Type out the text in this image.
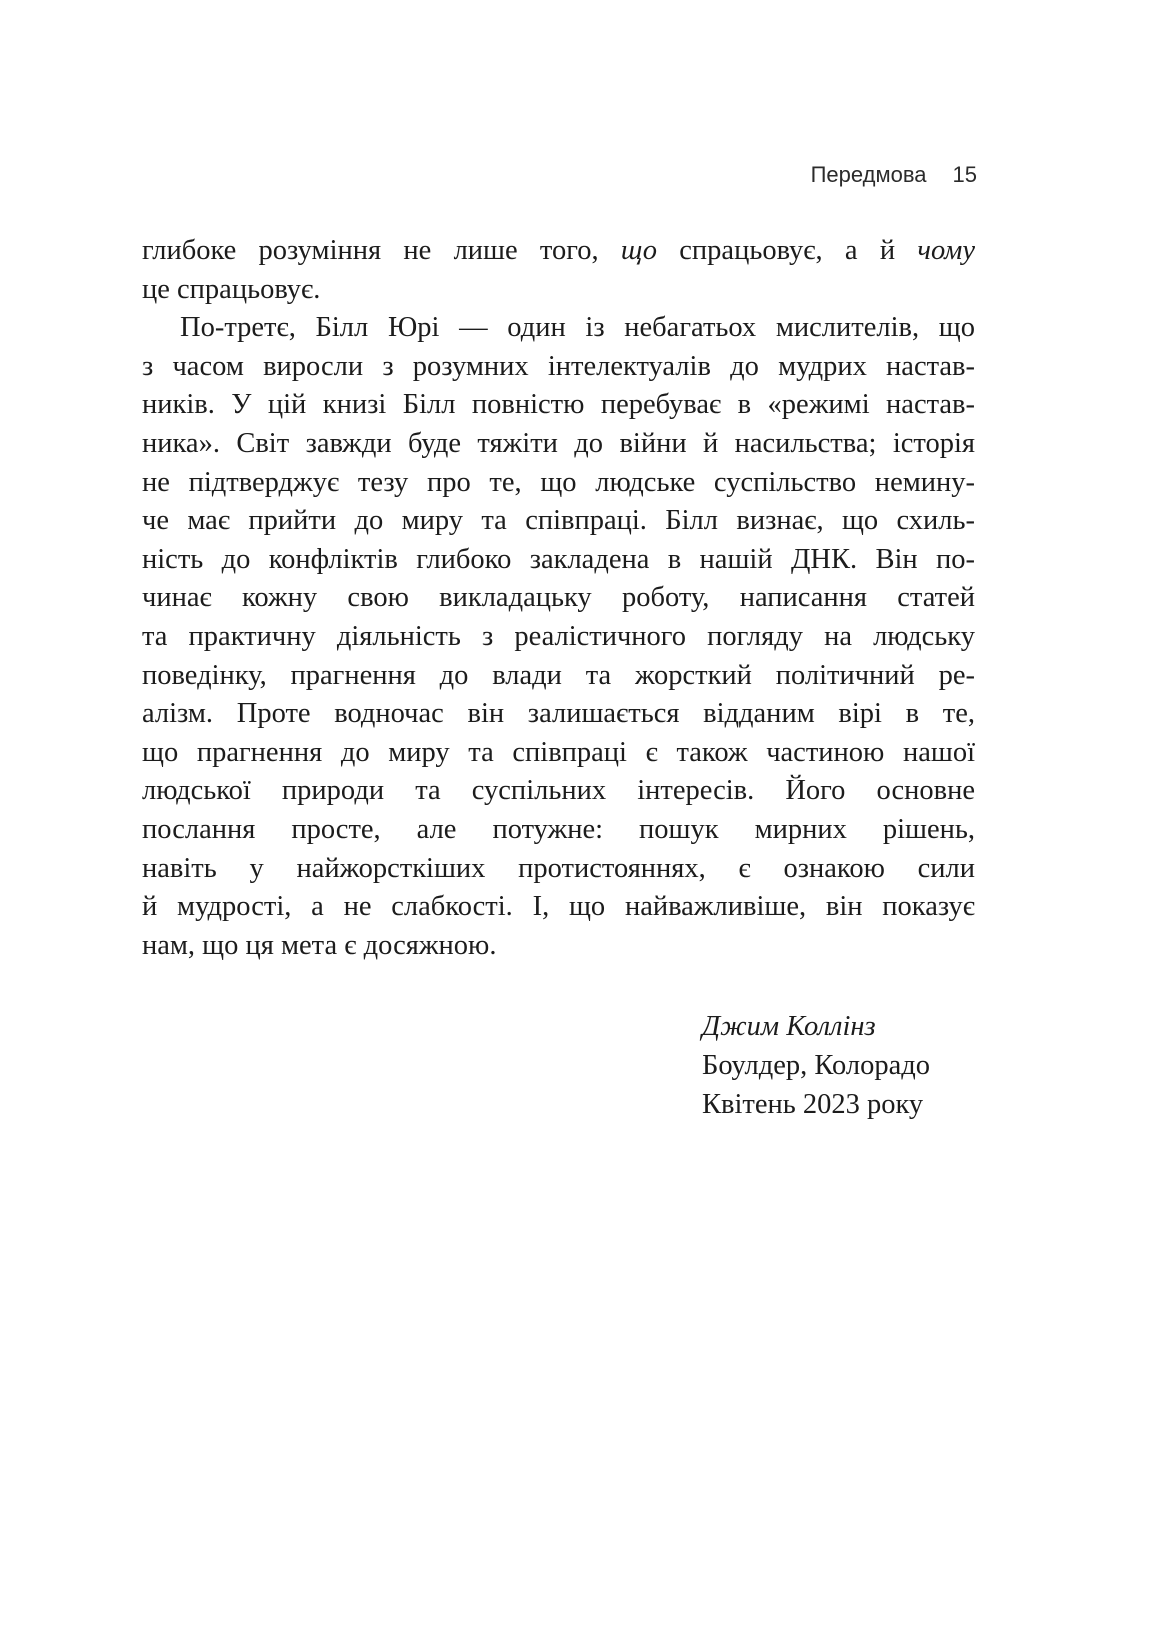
Передмова 15
глибоке розуміння не лише того, що спрацьовує, а й чому
це спрацьовує.
По-третє, Білл Юрі — один із небагатьох мислителів, що
з часом виросли з розумних інтелектуалів до мудрих настав-
ників. У цій книзі Білл повністю перебуває в «режимі настав-
ника». Світ завжди буде тяжіти до війни й насильства; історія
не підтверджує тезу про те, що людське суспільство немину-
че має прийти до миру та співпраці. Білл визнає, що схиль-
ність до конфліктів глибоко закладена в нашій ДНК. Він по-
чинає кожну свою викладацьку роботу, написання статей
та практичну діяльність з реалістичного погляду на людську
поведінку, прагнення до влади та жорсткий політичний ре-
алізм. Проте водночас він залишається відданим вірі в те,
що прагнення до миру та співпраці є також частиною нашої
людської природи та суспільних інтересів. Його основне
послання просте, але потужне: пошук мирних рішень,
навіть у найжорсткіших протистояннях, є ознакою сили
й мудрості, а не слабкості. І, що найважливіше, він показує
нам, що ця мета є досяжною.
Джим Коллінз
Боулдер, Колорадо
Квітень 2023 року
